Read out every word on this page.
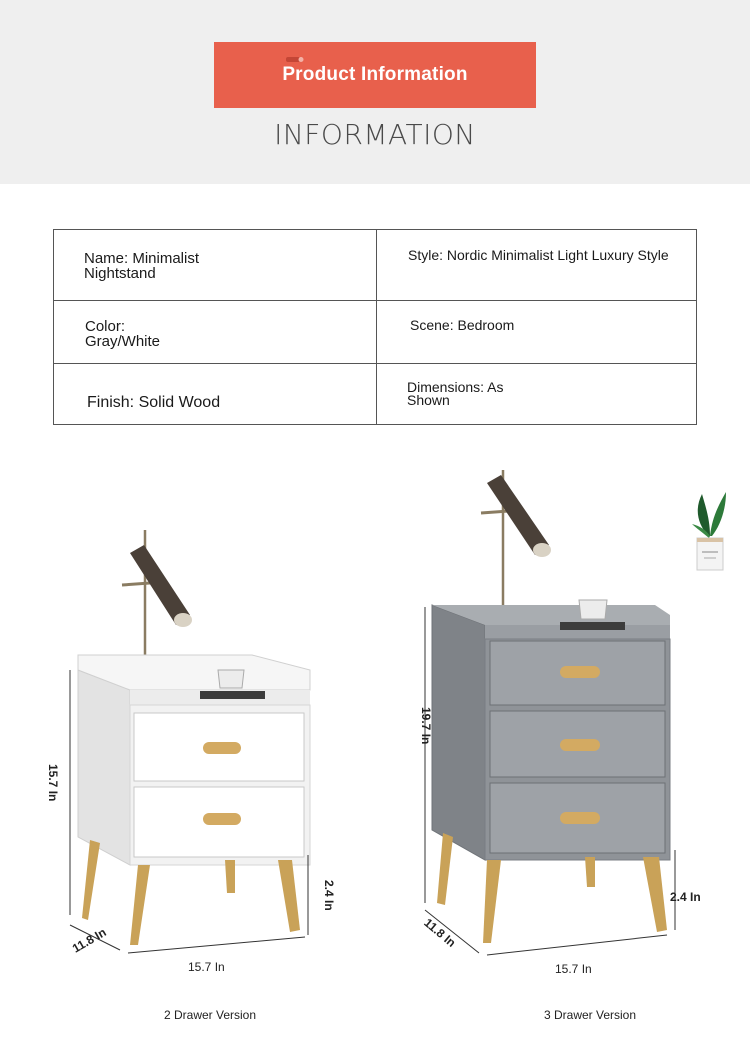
Product Information
INFORMATION
Name: Minimalist Nightstand
Style: Nordic Minimalist Light Luxury Style
Color: Gray/White
Scene: Bedroom
Finish: Solid Wood
Dimensions: As Shown
15.7 In
2.4 In
11.8 In
15.7 In
2 Drawer Version
19.7 In
2.4 In
11.8 In
15.7 In
3 Drawer Version
